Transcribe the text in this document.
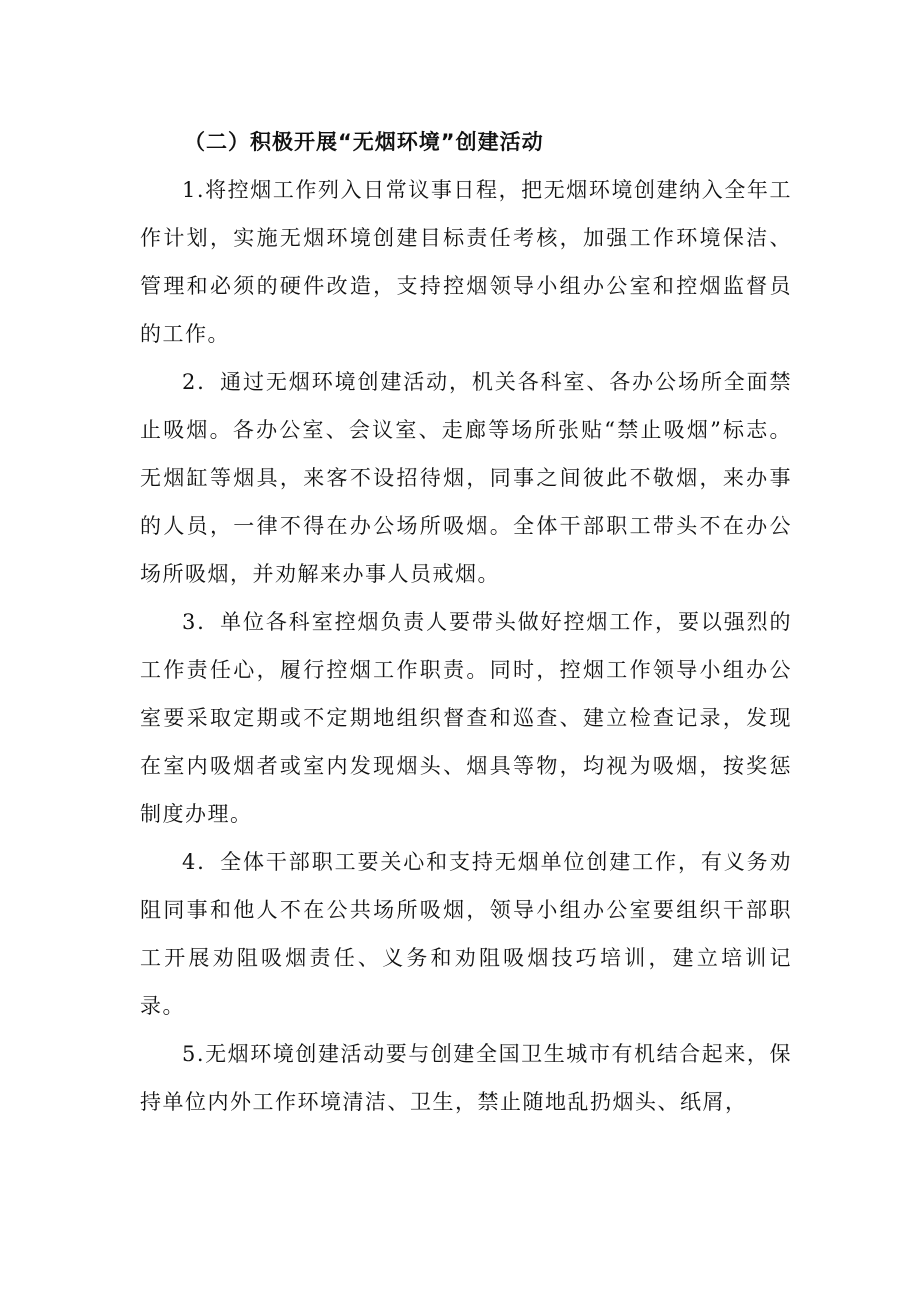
（二）积极开展“无烟环境”创建活动

1.将控烟工作列入日常议事日程，把无烟环境创建纳入全年工作计划，实施无烟环境创建目标责任考核，加强工作环境保洁、管理和必须的硬件改造，支持控烟领导小组办公室和控烟监督员的工作。

2．通过无烟环境创建活动，机关各科室、各办公场所全面禁止吸烟。各办公室、会议室、走廊等场所张贴“禁止吸烟”标志。无烟缸等烟具，来客不设招待烟，同事之间彼此不敬烟，来办事的人员，一律不得在办公场所吸烟。全体干部职工带头不在办公场所吸烟，并劝解来办事人员戒烟。

3．单位各科室控烟负责人要带头做好控烟工作，要以强烈的工作责任心，履行控烟工作职责。同时，控烟工作领导小组办公室要采取定期或不定期地组织督查和巡查、建立检查记录，发现在室内吸烟者或室内发现烟头、烟具等物，均视为吸烟，按奖惩制度办理。

4．全体干部职工要关心和支持无烟单位创建工作，有义务劝阻同事和他人不在公共场所吸烟，领导小组办公室要组织干部职工开展劝阻吸烟责任、义务和劝阻吸烟技巧培训，建立培训记录。

5.无烟环境创建活动要与创建全国卫生城市有机结合起来，保持单位内外工作环境清洁、卫生，禁止随地乱扔烟头、纸屑，
